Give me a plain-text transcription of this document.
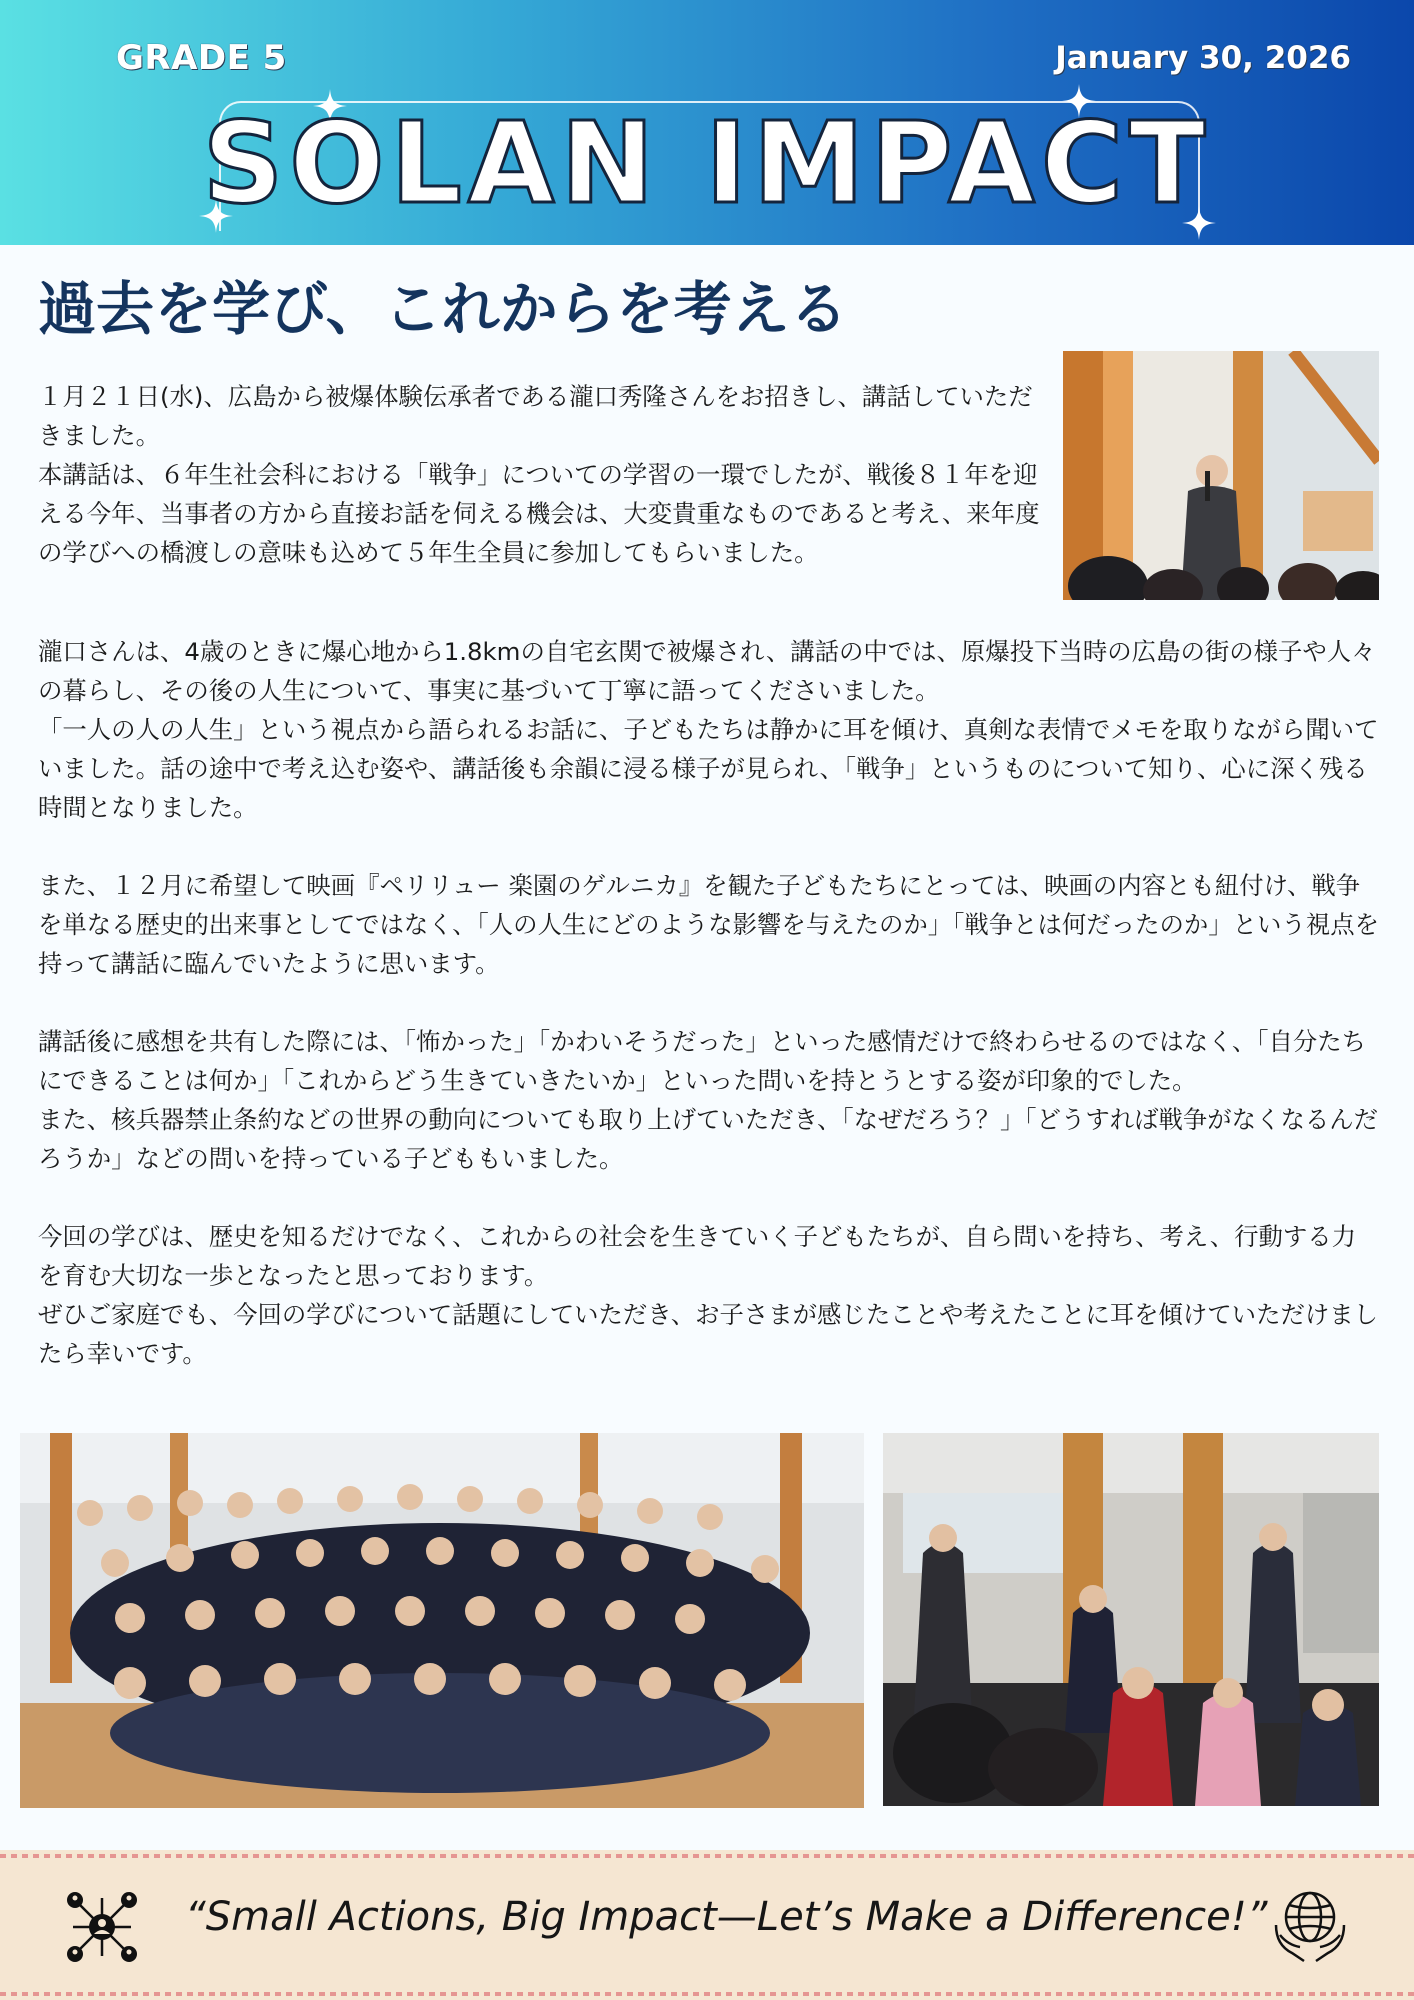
GRADE 5	January 30, 2026
SOLAN IMPACT
過去を学び、これからを考える

１月２１日(水)、広島から被爆体験伝承者である瀧口秀隆さんをお招きし、講話していただきました。

本講話は、６年生社会科における「戦争」についての学習の一環でしたが、戦後８１年を迎える今年、当事者の方から直接お話を伺える機会は、大変貴重なものであると考え、来年度の学びへの橋渡しの意味も込めて５年生全員に参加してもらいました。

瀧口さんは、4歳のときに爆心地から1.8kmの自宅玄関で被爆され、講話の中では、原爆投下当時の広島の街の様子や人々の暮らし、その後の人生について、事実に基づいて丁寧に語ってくださいました。

「一人の人の人生」という視点から語られるお話に、子どもたちは静かに耳を傾け、真剣な表情でメモを取りながら聞いていました。話の途中で考え込む姿や、講話後も余韻に浸る様子が見られ、「戦争」というものについて知り、心に深く残る時間となりました。

また、１２月に希望して映画『ペリリュー 楽園のゲルニカ』を観た子どもたちにとっては、映画の内容とも紐付け、戦争を単なる歴史的出来事としてではなく、「人の人生にどのような影響を与えたのか」「戦争とは何だったのか」という視点を持って講話に臨んでいたように思います。

講話後に感想を共有した際には、「怖かった」「かわいそうだった」といった感情だけで終わらせるのではなく、「自分たちにできることは何か」「これからどう生きていきたいか」といった問いを持とうとする姿が印象的でした。

また、核兵器禁止条約などの世界の動向についても取り上げていただき、「なぜだろう？」「どうすれば戦争がなくなるんだろうか」などの問いを持っている子どももいました。

今回の学びは、歴史を知るだけでなく、これからの社会を生きていく子どもたちが、自ら問いを持ち、考え、行動する力を育む大切な一歩となったと思っております。

ぜひご家庭でも、今回の学びについて話題にしていただき、お子さまが感じたことや考えたことに耳を傾けていただけましたら幸いです。

“Small Actions, Big Impact—Let’s Make a Difference!”
